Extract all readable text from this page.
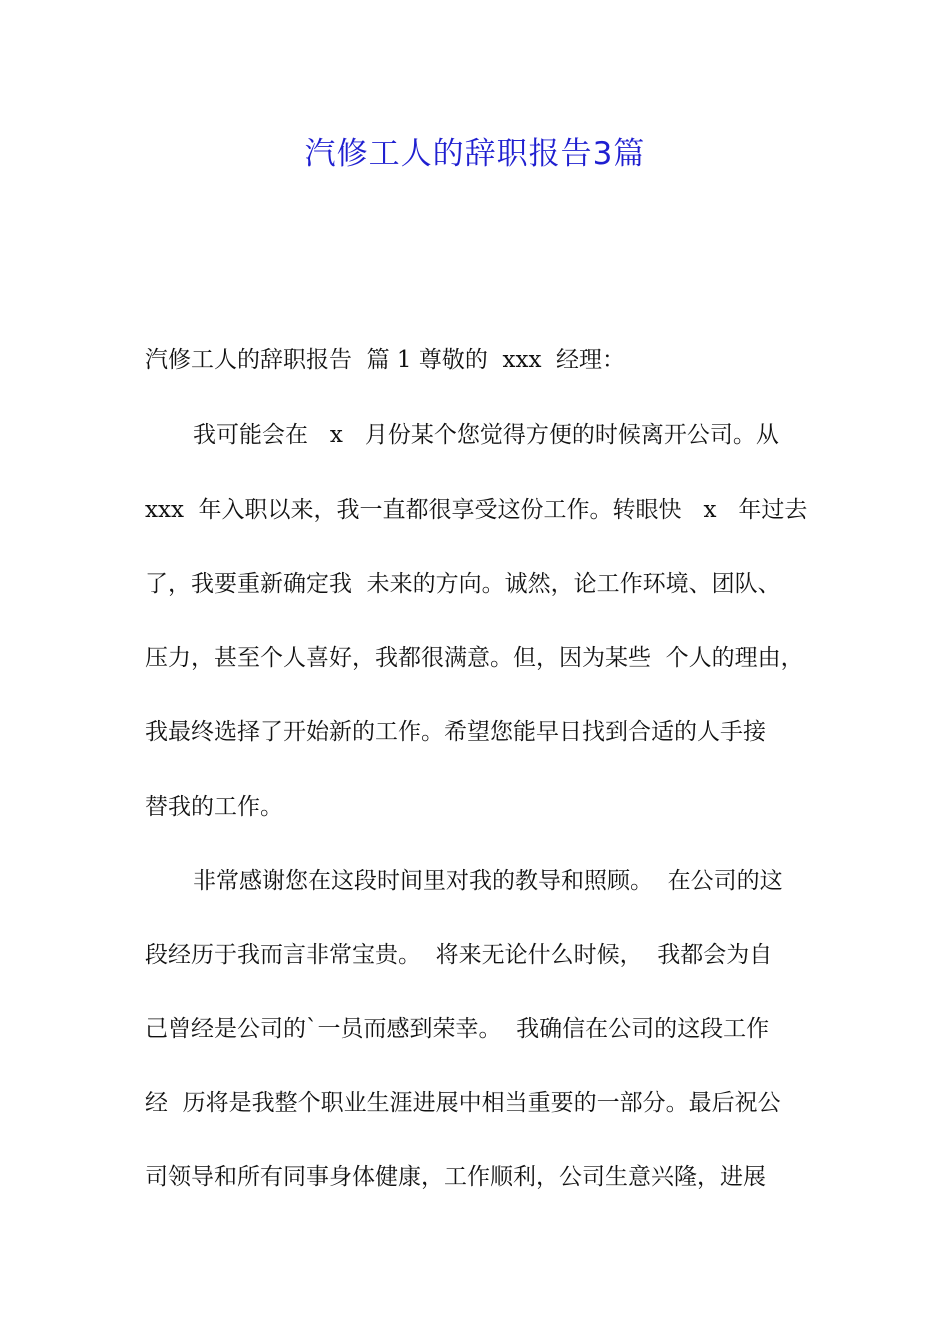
汽修工人的辞职报告3篇

汽修工人的辞职报告  篇 1 尊敬的  xxx  经理：

我可能会在   x   月份某个您觉得方便的时候离开公司。从

xxx  年入职以来，我一直都很享受这份工作。转眼快   x   年过去

了，我要重新确定我  未来的方向。诚然，论工作环境、团队、

压力，甚至个人喜好，我都很满意。但，因为某些  个人的理由，

我最终选择了开始新的工作。希望您能早日找到合适的人手接

替我的工作。

非常感谢您在这段时间里对我的教导和照顾。  在公司的这

段经历于我而言非常宝贵。  将来无论什么时候，  我都会为自

己曾经是公司的`一员而感到荣幸。  我确信在公司的这段工作

经  历将是我整个职业生涯进展中相当重要的一部分。最后祝公

司领导和所有同事身体健康，工作顺利，公司生意兴隆，进展
